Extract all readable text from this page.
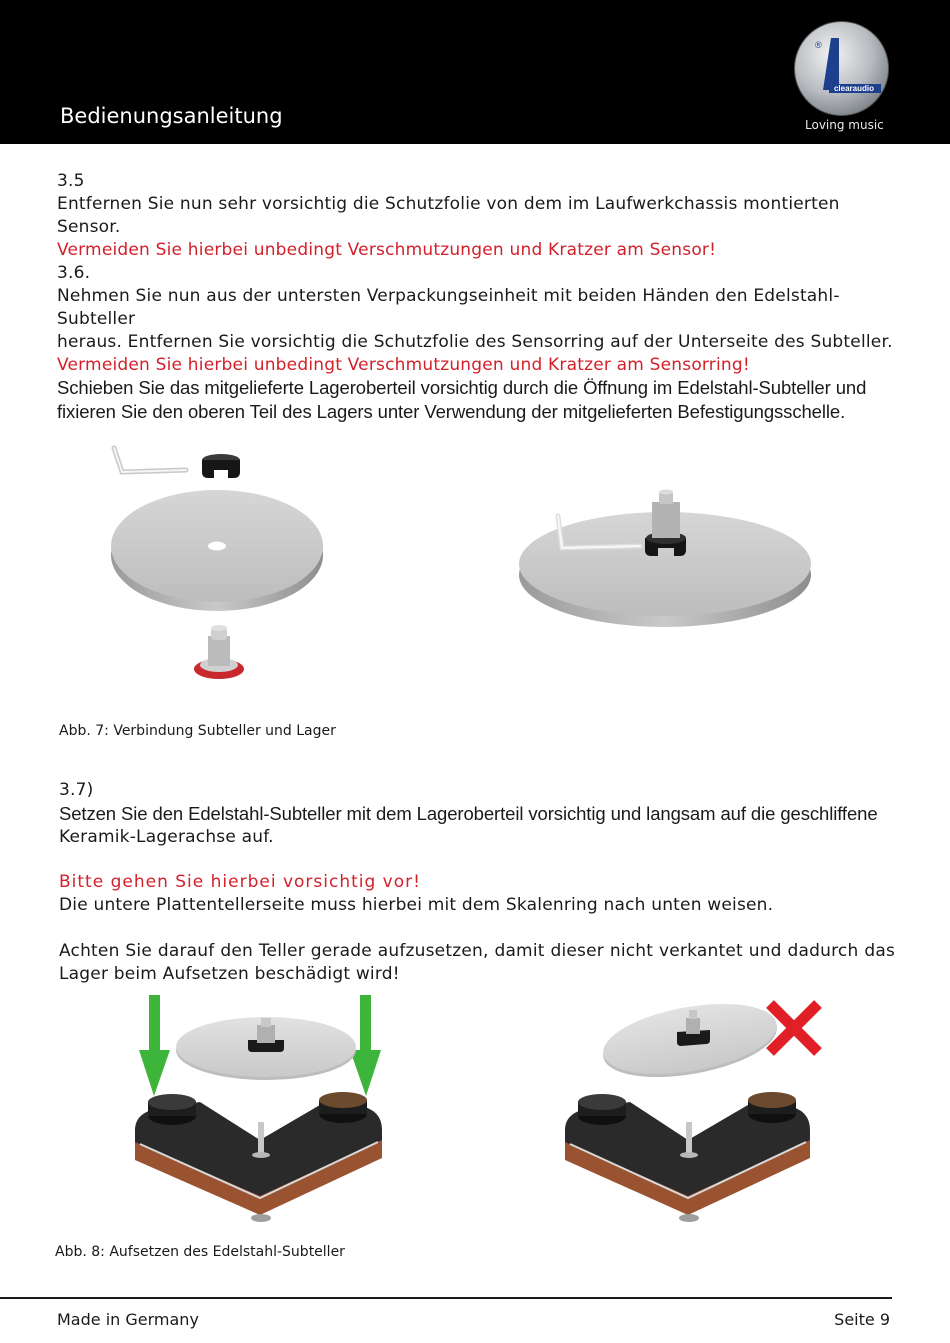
Bedienungsanleitung
clearaudio
®
Loving music
3.5
Entfernen Sie nun sehr vorsichtig die Schutzfolie von dem im Laufwerkchassis montierten Sensor.
Vermeiden Sie hierbei unbedingt Verschmutzungen und Kratzer am Sensor!
3.6.
Nehmen Sie nun aus der untersten Verpackungseinheit mit beiden Händen den Edelstahl-Subteller
heraus. Entfernen Sie vorsichtig die Schutzfolie des Sensorring auf der Unterseite des Subteller.
Vermeiden Sie hierbei unbedingt Verschmutzungen und Kratzer am Sensorring!
Schieben Sie das mitgelieferte Lageroberteil vorsichtig durch die Öffnung im Edelstahl-Subteller und
fixieren Sie den oberen Teil des Lagers unter Verwendung der mitgelieferten Befestigungsschelle.
Abb. 7: Verbindung Subteller und Lager
3.7)
Setzen Sie den Edelstahl-Subteller mit dem Lageroberteil vorsichtig und langsam auf die geschliffene
Keramik-Lagerachse auf.
Bitte gehen Sie hierbei vorsichtig vor!
Die untere Plattentellerseite muss hierbei mit dem Skalenring nach unten weisen.
Achten Sie darauf den Teller gerade aufzusetzen, damit dieser nicht verkantet und dadurch das
Lager beim Aufsetzen beschädigt wird!
Abb. 8: Aufsetzen des Edelstahl-Subteller
Made in Germany	Seite 9
